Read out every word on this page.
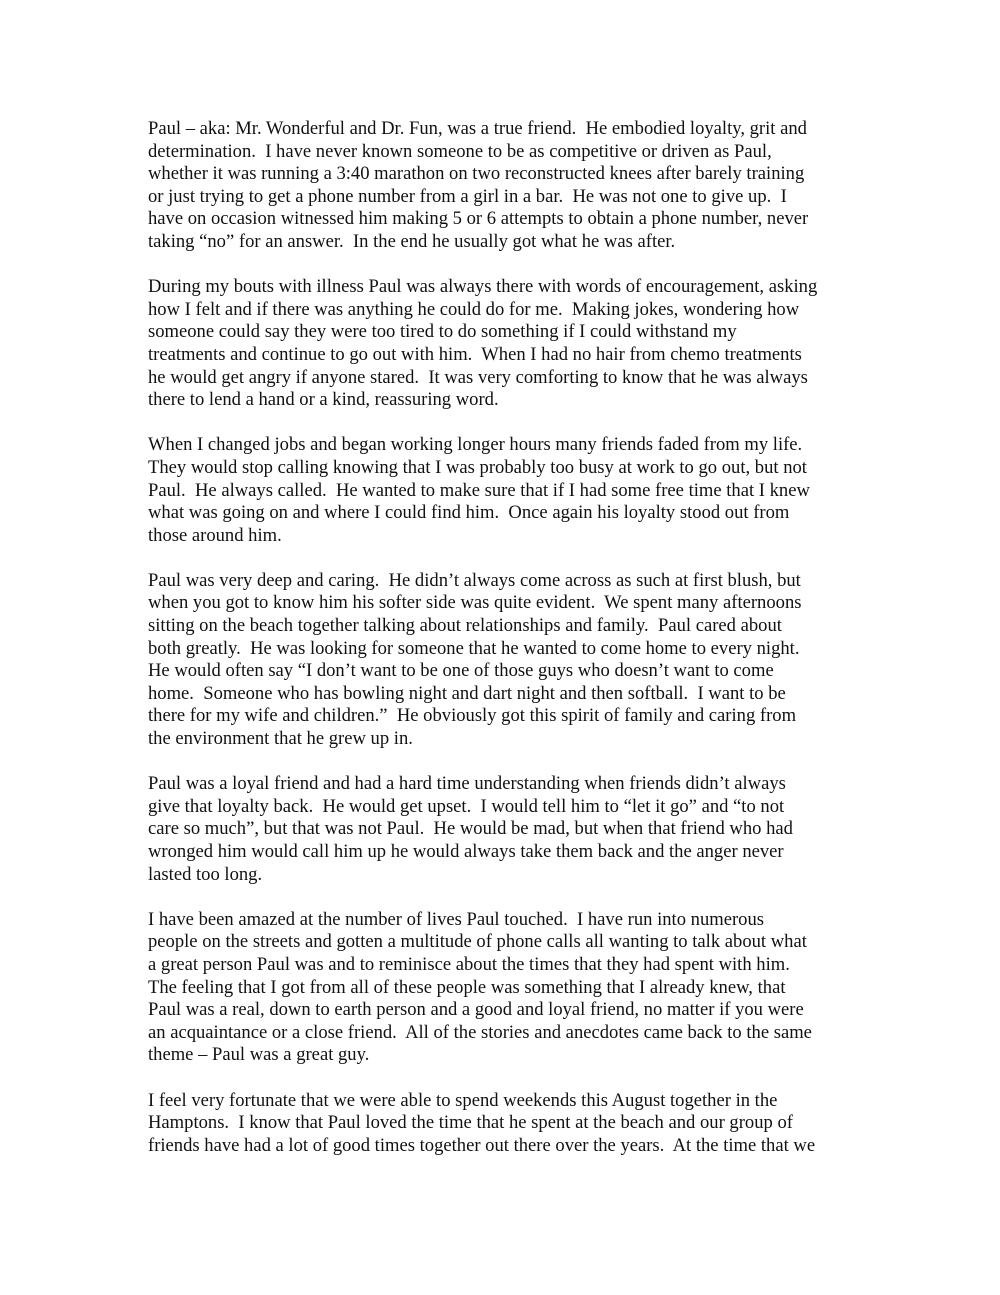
Paul – aka: Mr. Wonderful and Dr. Fun, was a true friend.  He embodied loyalty, grit and
determination.  I have never known someone to be as competitive or driven as Paul,
whether it was running a 3:40 marathon on two reconstructed knees after barely training
or just trying to get a phone number from a girl in a bar.  He was not one to give up.  I
have on occasion witnessed him making 5 or 6 attempts to obtain a phone number, never
taking “no” for an answer.  In the end he usually got what he was after.

During my bouts with illness Paul was always there with words of encouragement, asking
how I felt and if there was anything he could do for me.  Making jokes, wondering how
someone could say they were too tired to do something if I could withstand my
treatments and continue to go out with him.  When I had no hair from chemo treatments
he would get angry if anyone stared.  It was very comforting to know that he was always
there to lend a hand or a kind, reassuring word.

When I changed jobs and began working longer hours many friends faded from my life.
They would stop calling knowing that I was probably too busy at work to go out, but not
Paul.  He always called.  He wanted to make sure that if I had some free time that I knew
what was going on and where I could find him.  Once again his loyalty stood out from
those around him.

Paul was very deep and caring.  He didn’t always come across as such at first blush, but
when you got to know him his softer side was quite evident.  We spent many afternoons
sitting on the beach together talking about relationships and family.  Paul cared about
both greatly.  He was looking for someone that he wanted to come home to every night.
He would often say “I don’t want to be one of those guys who doesn’t want to come
home.  Someone who has bowling night and dart night and then softball.  I want to be
there for my wife and children.”  He obviously got this spirit of family and caring from
the environment that he grew up in.

Paul was a loyal friend and had a hard time understanding when friends didn’t always
give that loyalty back.  He would get upset.  I would tell him to “let it go” and “to not
care so much”, but that was not Paul.  He would be mad, but when that friend who had
wronged him would call him up he would always take them back and the anger never
lasted too long.

I have been amazed at the number of lives Paul touched.  I have run into numerous
people on the streets and gotten a multitude of phone calls all wanting to talk about what
a great person Paul was and to reminisce about the times that they had spent with him.
The feeling that I got from all of these people was something that I already knew, that
Paul was a real, down to earth person and a good and loyal friend, no matter if you were
an acquaintance or a close friend.  All of the stories and anecdotes came back to the same
theme – Paul was a great guy.

I feel very fortunate that we were able to spend weekends this August together in the
Hamptons.  I know that Paul loved the time that he spent at the beach and our group of
friends have had a lot of good times together out there over the years.  At the time that we
